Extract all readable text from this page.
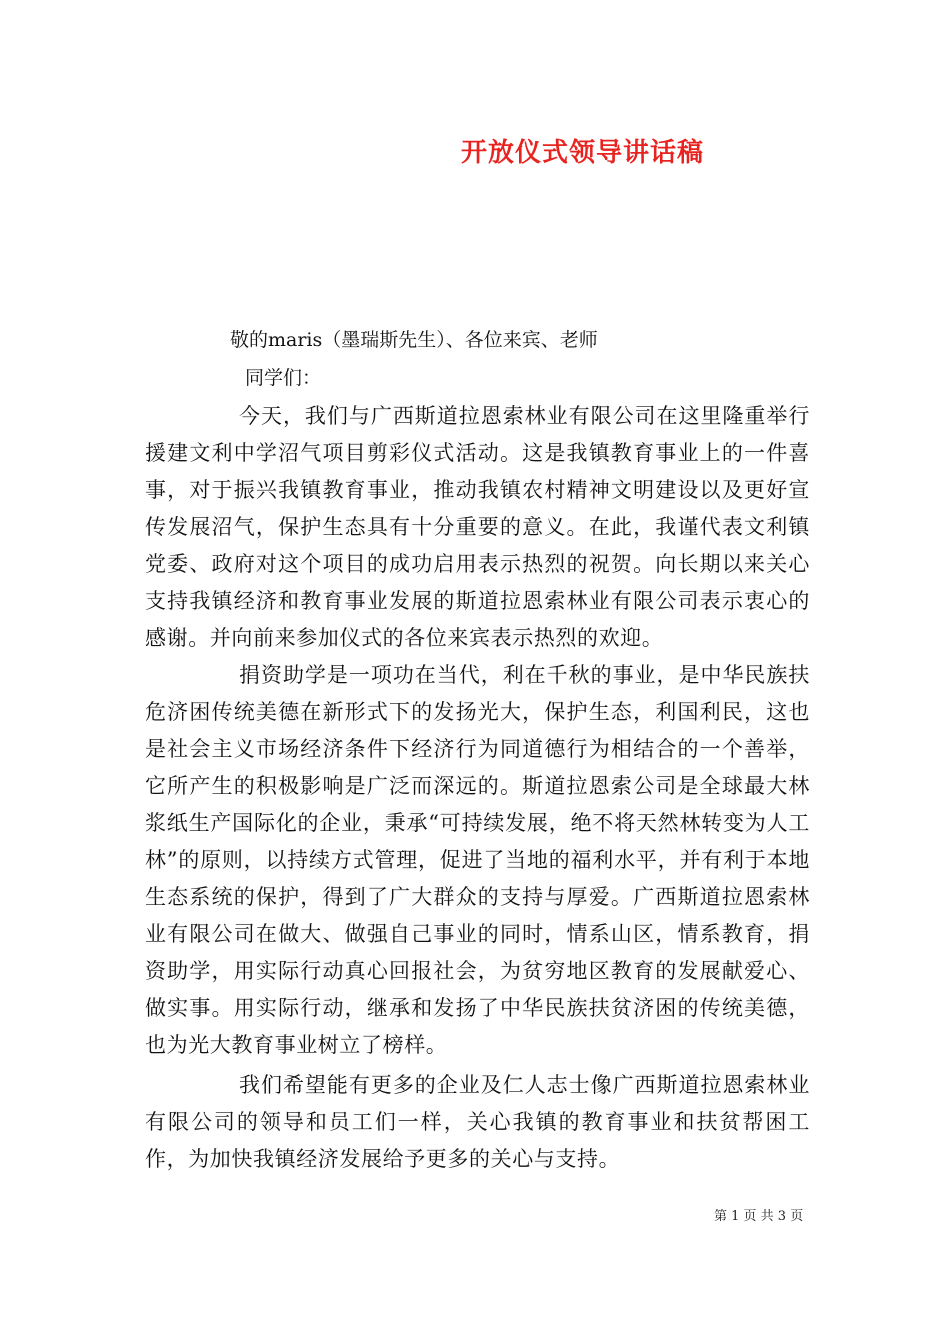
开放仪式领导讲话稿
敬的maris（墨瑞斯先生）、各位来宾、老师
同学们：

今天，我们与广西斯道拉恩索林业有限公司在这里隆重举行援建文利中学沼气项目剪彩仪式活动。这是我镇教育事业上的一件喜事，对于振兴我镇教育事业，推动我镇农村精神文明建设以及更好宣传发展沼气，保护生态具有十分重要的意义。在此，我谨代表文利镇党委、政府对这个项目的成功启用表示热烈的祝贺。向长期以来关心支持我镇经济和教育事业发展的斯道拉恩索林业有限公司表示衷心的感谢。并向前来参加仪式的各位来宾表示热烈的欢迎。

捐资助学是一项功在当代，利在千秋的事业，是中华民族扶危济困传统美德在新形式下的发扬光大，保护生态，利国利民，这也是社会主义市场经济条件下经济行为同道德行为相结合的一个善举，它所产生的积极影响是广泛而深远的。斯道拉恩索公司是全球最大林浆纸生产国际化的企业，秉承“可持续发展，绝不将天然林转变为人工林”的原则，以持续方式管理，促进了当地的福利水平，并有利于本地生态系统的保护，得到了广大群众的支持与厚爱。广西斯道拉恩索林业有限公司在做大、做强自己事业的同时，情系山区，情系教育，捐资助学，用实际行动真心回报社会，为贫穷地区教育的发展献爱心、做实事。用实际行动，继承和发扬了中华民族扶贫济困的传统美德，也为光大教育事业树立了榜样。

我们希望能有更多的企业及仁人志士像广西斯道拉恩索林业有限公司的领导和员工们一样，关心我镇的教育事业和扶贫帮困工作，为加快我镇经济发展给予更多的关心与支持。

第 1 页 共 3 页
